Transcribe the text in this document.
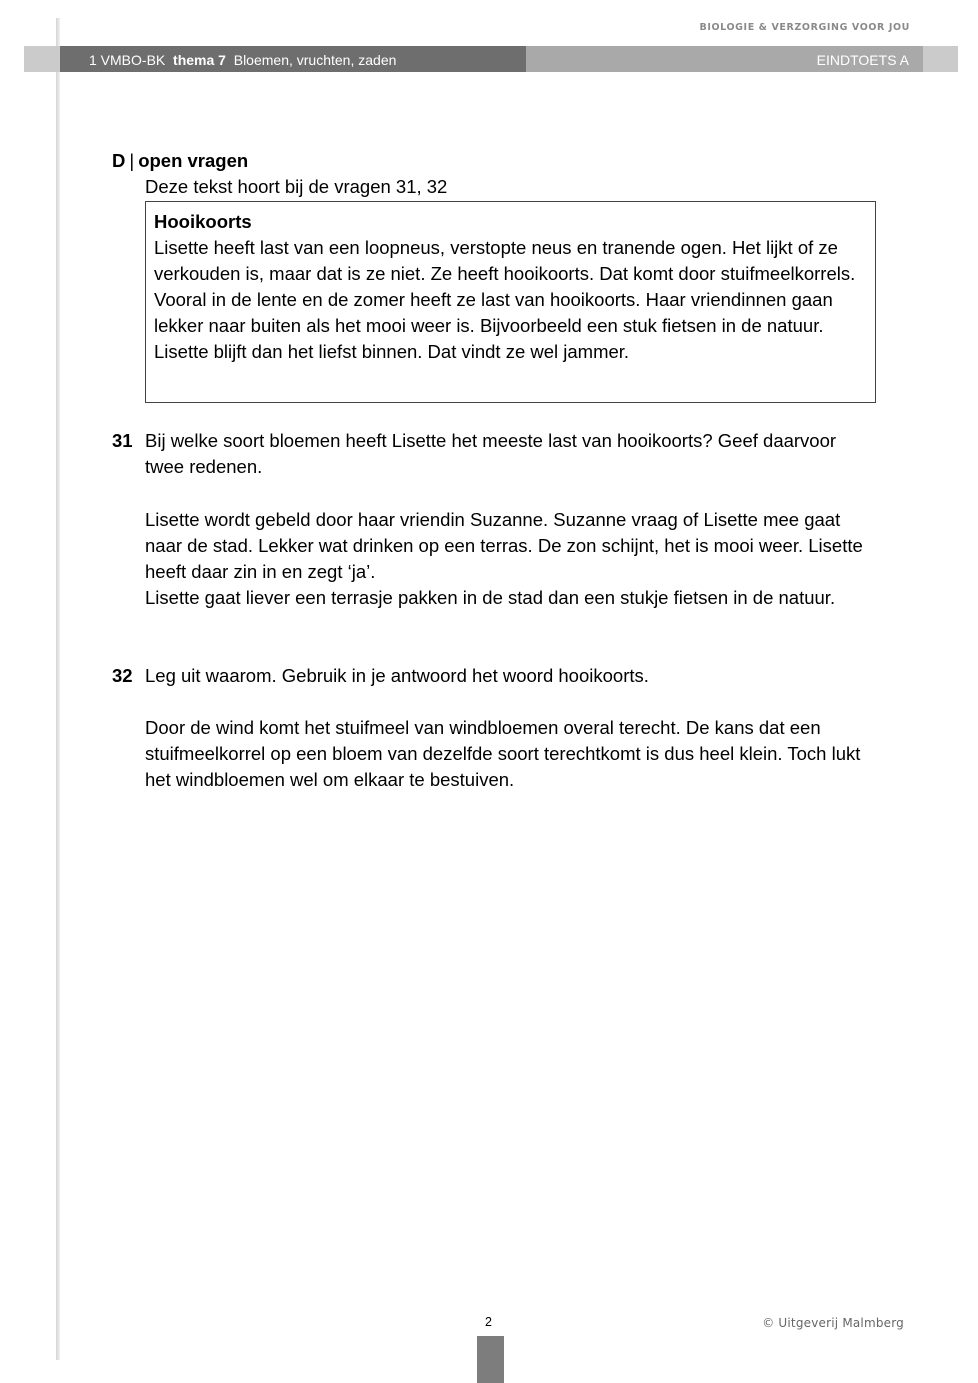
BIOLOGIE & VERZORGING VOOR JOU
1 VMBO-BK thema 7 Bloemen, vruchten, zaden	EINDTOETS A
D | open vragen
Deze tekst hoort bij de vragen 31, 32
Hooikoorts
Lisette heeft last van een loopneus, verstopte neus en tranende ogen. Het lijkt of ze verkouden is, maar dat is ze niet. Ze heeft hooikoorts. Dat komt door stuifmeelkorrels. Vooral in de lente en de zomer heeft ze last van hooikoorts. Haar vriendinnen gaan lekker naar buiten als het mooi weer is. Bijvoorbeeld een stuk fietsen in de natuur. Lisette blijft dan het liefst binnen. Dat vindt ze wel jammer.
31 Bij welke soort bloemen heeft Lisette het meeste last van hooikoorts? Geef daarvoor twee redenen.
Lisette wordt gebeld door haar vriendin Suzanne. Suzanne vraag of Lisette mee gaat naar de stad. Lekker wat drinken op een terras. De zon schijnt, het is mooi weer. Lisette heeft daar zin in en zegt ‘ja’.
Lisette gaat liever een terrasje pakken in de stad dan een stukje fietsen in de natuur.
32 Leg uit waarom. Gebruik in je antwoord het woord hooikoorts.
Door de wind komt het stuifmeel van windbloemen overal terecht. De kans dat een stuifmeelkorrel op een bloem van dezelfde soort terechtkomt is dus heel klein. Toch lukt het windbloemen wel om elkaar te bestuiven.
2	© Uitgeverij Malmberg
